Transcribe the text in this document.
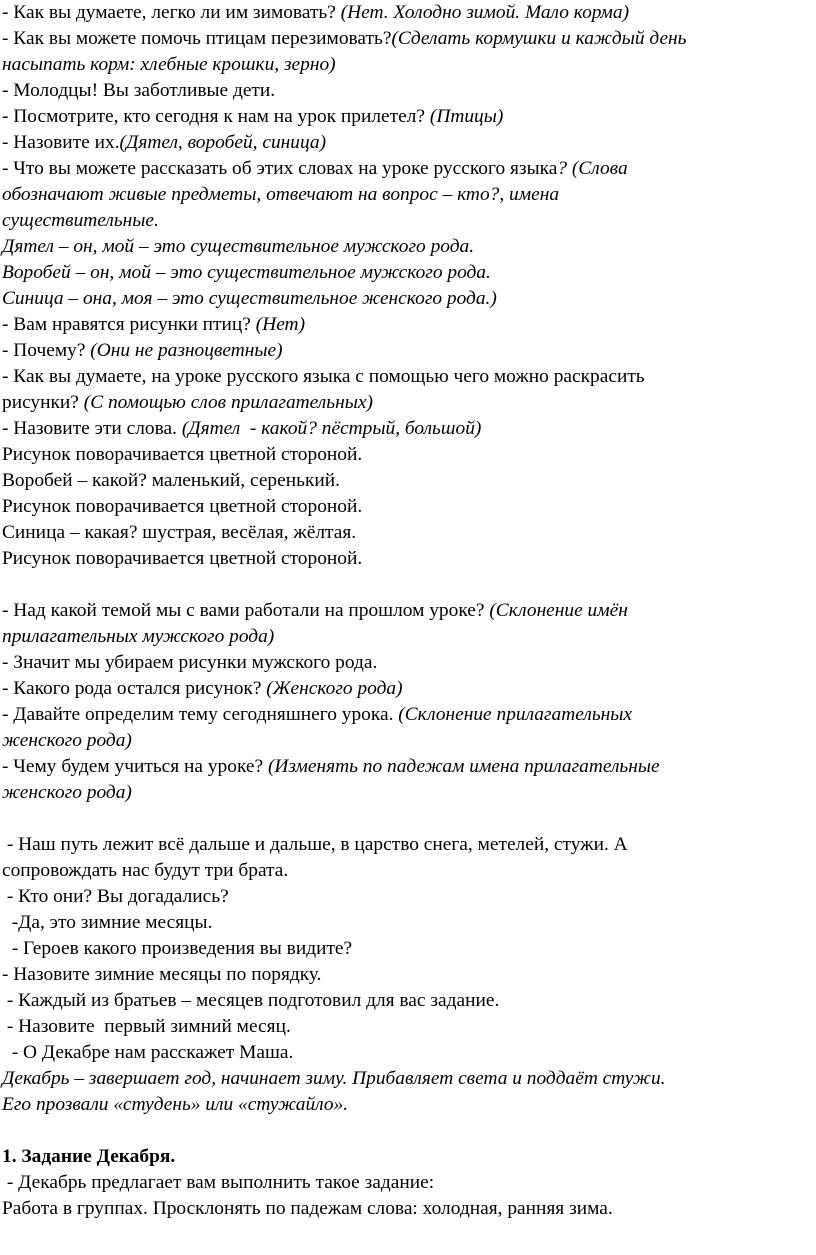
- Как вы думаете, легко ли им зимовать? (Нет. Холодно зимой. Мало корма)
- Как вы можете помочь птицам перезимовать?(Сделать кормушки и каждый день
насыпать корм: хлебные крошки, зерно)
- Молодцы! Вы заботливые дети.
- Посмотрите, кто сегодня к нам на урок прилетел? (Птицы)
- Назовите их.(Дятел, воробей, синица)
- Что вы можете рассказать об этих словах на уроке русского языка? (Слова
обозначают живые предметы, отвечают на вопрос – кто?, имена
существительные.
Дятел – он, мой – это существительное мужского рода.
Воробей – он, мой – это существительное мужского рода.
Синица – она, моя – это существительное женского рода.)
- Вам нравятся рисунки птиц? (Нет)
- Почему? (Они не разноцветные)
- Как вы думаете, на уроке русского языка с помощью чего можно раскрасить
рисунки? (С помощью слов прилагательных)
- Назовите эти слова. (Дятел  - какой? пёстрый, большой)
Рисунок поворачивается цветной стороной.
Воробей – какой? маленький, серенький.
Рисунок поворачивается цветной стороной.
Синица – какая? шустрая, весёлая, жёлтая.
Рисунок поворачивается цветной стороной.
- Над какой темой мы с вами работали на прошлом уроке? (Склонение имён
прилагательных мужского рода)
- Значит мы убираем рисунки мужского рода.
- Какого рода остался рисунок? (Женского рода)
- Давайте определим тему сегодняшнего урока. (Склонение прилагательных
женского рода)
- Чему будем учиться на уроке? (Изменять по падежам имена прилагательные
женского рода)
- Наш путь лежит всё дальше и дальше, в царство снега, метелей, стужи. А
сопровождать нас будут три брата.
- Кто они? Вы догадались?
-Да, это зимние месяцы.
- Героев какого произведения вы видите?
- Назовите зимние месяцы по порядку.
- Каждый из братьев – месяцев подготовил для вас задание.
- Назовите  первый зимний месяц.
- О Декабре нам расскажет Маша.
Декабрь – завершает год, начинает зиму. Прибавляет света и поддаёт стужи.
Его прозвали «студень» или «стужайло».
1. Задание Декабря.
- Декабрь предлагает вам выполнить такое задание:
Работа в группах. Просклонять по падежам слова: холодная, ранняя зима.
